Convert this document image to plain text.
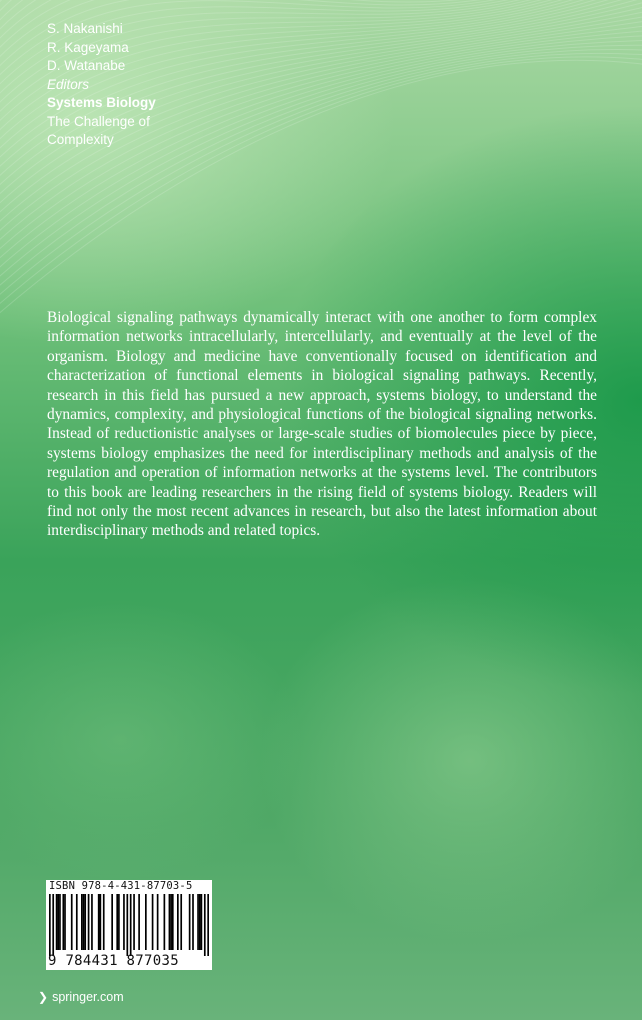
S. Nakanishi
R. Kageyama
D. Watanabe
Editors
Systems Biology
The Challenge of
Complexity

Biological signaling pathways dynamically interact with one another to form complex information networks intracellularly, intercellularly, and eventually at the level of the organism. Biology and medicine have conventionally focused on identification and characterization of functional elements in biological signaling pathways. Recently, research in this field has pursued a new approach, systems biology, to understand the dynamics, complexity, and physiological functions of the biological signaling networks. Instead of reductionistic analyses or large-scale studies of biomolecules piece by piece, systems biology emphasizes the need for interdisciplinary methods and analysis of the regulation and operation of information networks at the systems level. The contributors to this book are leading researchers in the rising field of systems biology. Readers will find not only the most recent advances in research, but also the latest information about interdisciplinary methods and related topics.

ISBN 978-4-431-87703-5
9 784431 877035
❯ springer.com
